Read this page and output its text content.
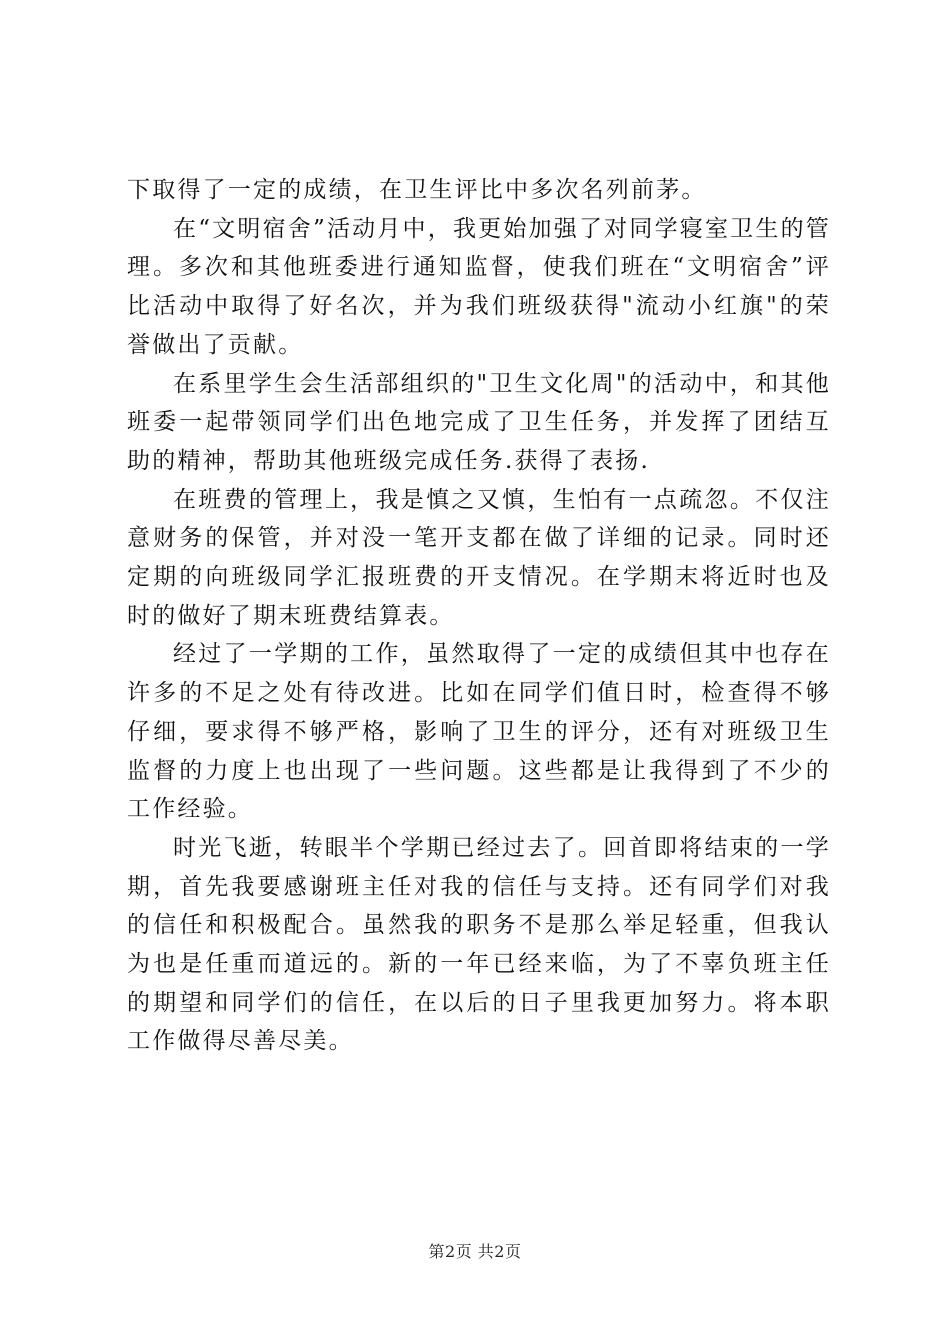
下取得了一定的成绩，在卫生评比中多次名列前茅。

在“文明宿舍”活动月中，我更始加强了对同学寝室卫生的管理。多次和其他班委进行通知监督，使我们班在“文明宿舍”评比活动中取得了好名次，并为我们班级获得"流动小红旗"的荣誉做出了贡献。

在系里学生会生活部组织的"卫生文化周"的活动中，和其他班委一起带领同学们出色地完成了卫生任务，并发挥了团结互助的精神，帮助其他班级完成任务.获得了表扬.

在班费的管理上，我是慎之又慎，生怕有一点疏忽。不仅注意财务的保管，并对没一笔开支都在做了详细的记录。同时还定期的向班级同学汇报班费的开支情况。在学期末将近时也及时的做好了期末班费结算表。

经过了一学期的工作，虽然取得了一定的成绩但其中也存在许多的不足之处有待改进。比如在同学们值日时，检查得不够仔细，要求得不够严格，影响了卫生的评分，还有对班级卫生监督的力度上也出现了一些问题。这些都是让我得到了不少的工作经验。

时光飞逝，转眼半个学期已经过去了。回首即将结束的一学期，首先我要感谢班主任对我的信任与支持。还有同学们对我的信任和积极配合。虽然我的职务不是那么举足轻重，但我认为也是任重而道远的。新的一年已经来临，为了不辜负班主任的期望和同学们的信任，在以后的日子里我更加努力。将本职工作做得尽善尽美。

第2页 共2页
